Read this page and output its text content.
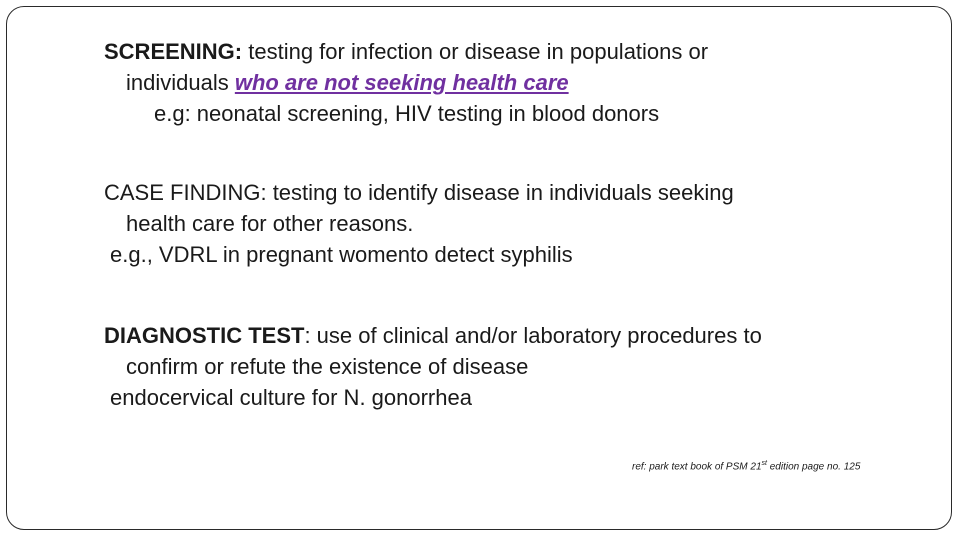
SCREENING: testing for infection or disease in populations or
individuals who are not seeking health care
e.g: neonatal screening, HIV testing in blood donors
CASE FINDING: testing to identify disease in individuals seeking
health care for other reasons.
e.g., VDRL in pregnant womento detect syphilis
DIAGNOSTIC TEST: use of clinical and/or laboratory procedures to
confirm or refute the existence of disease
endocervical culture for N. gonorrhea
ref: park text book of PSM 21st edition page no. 125
